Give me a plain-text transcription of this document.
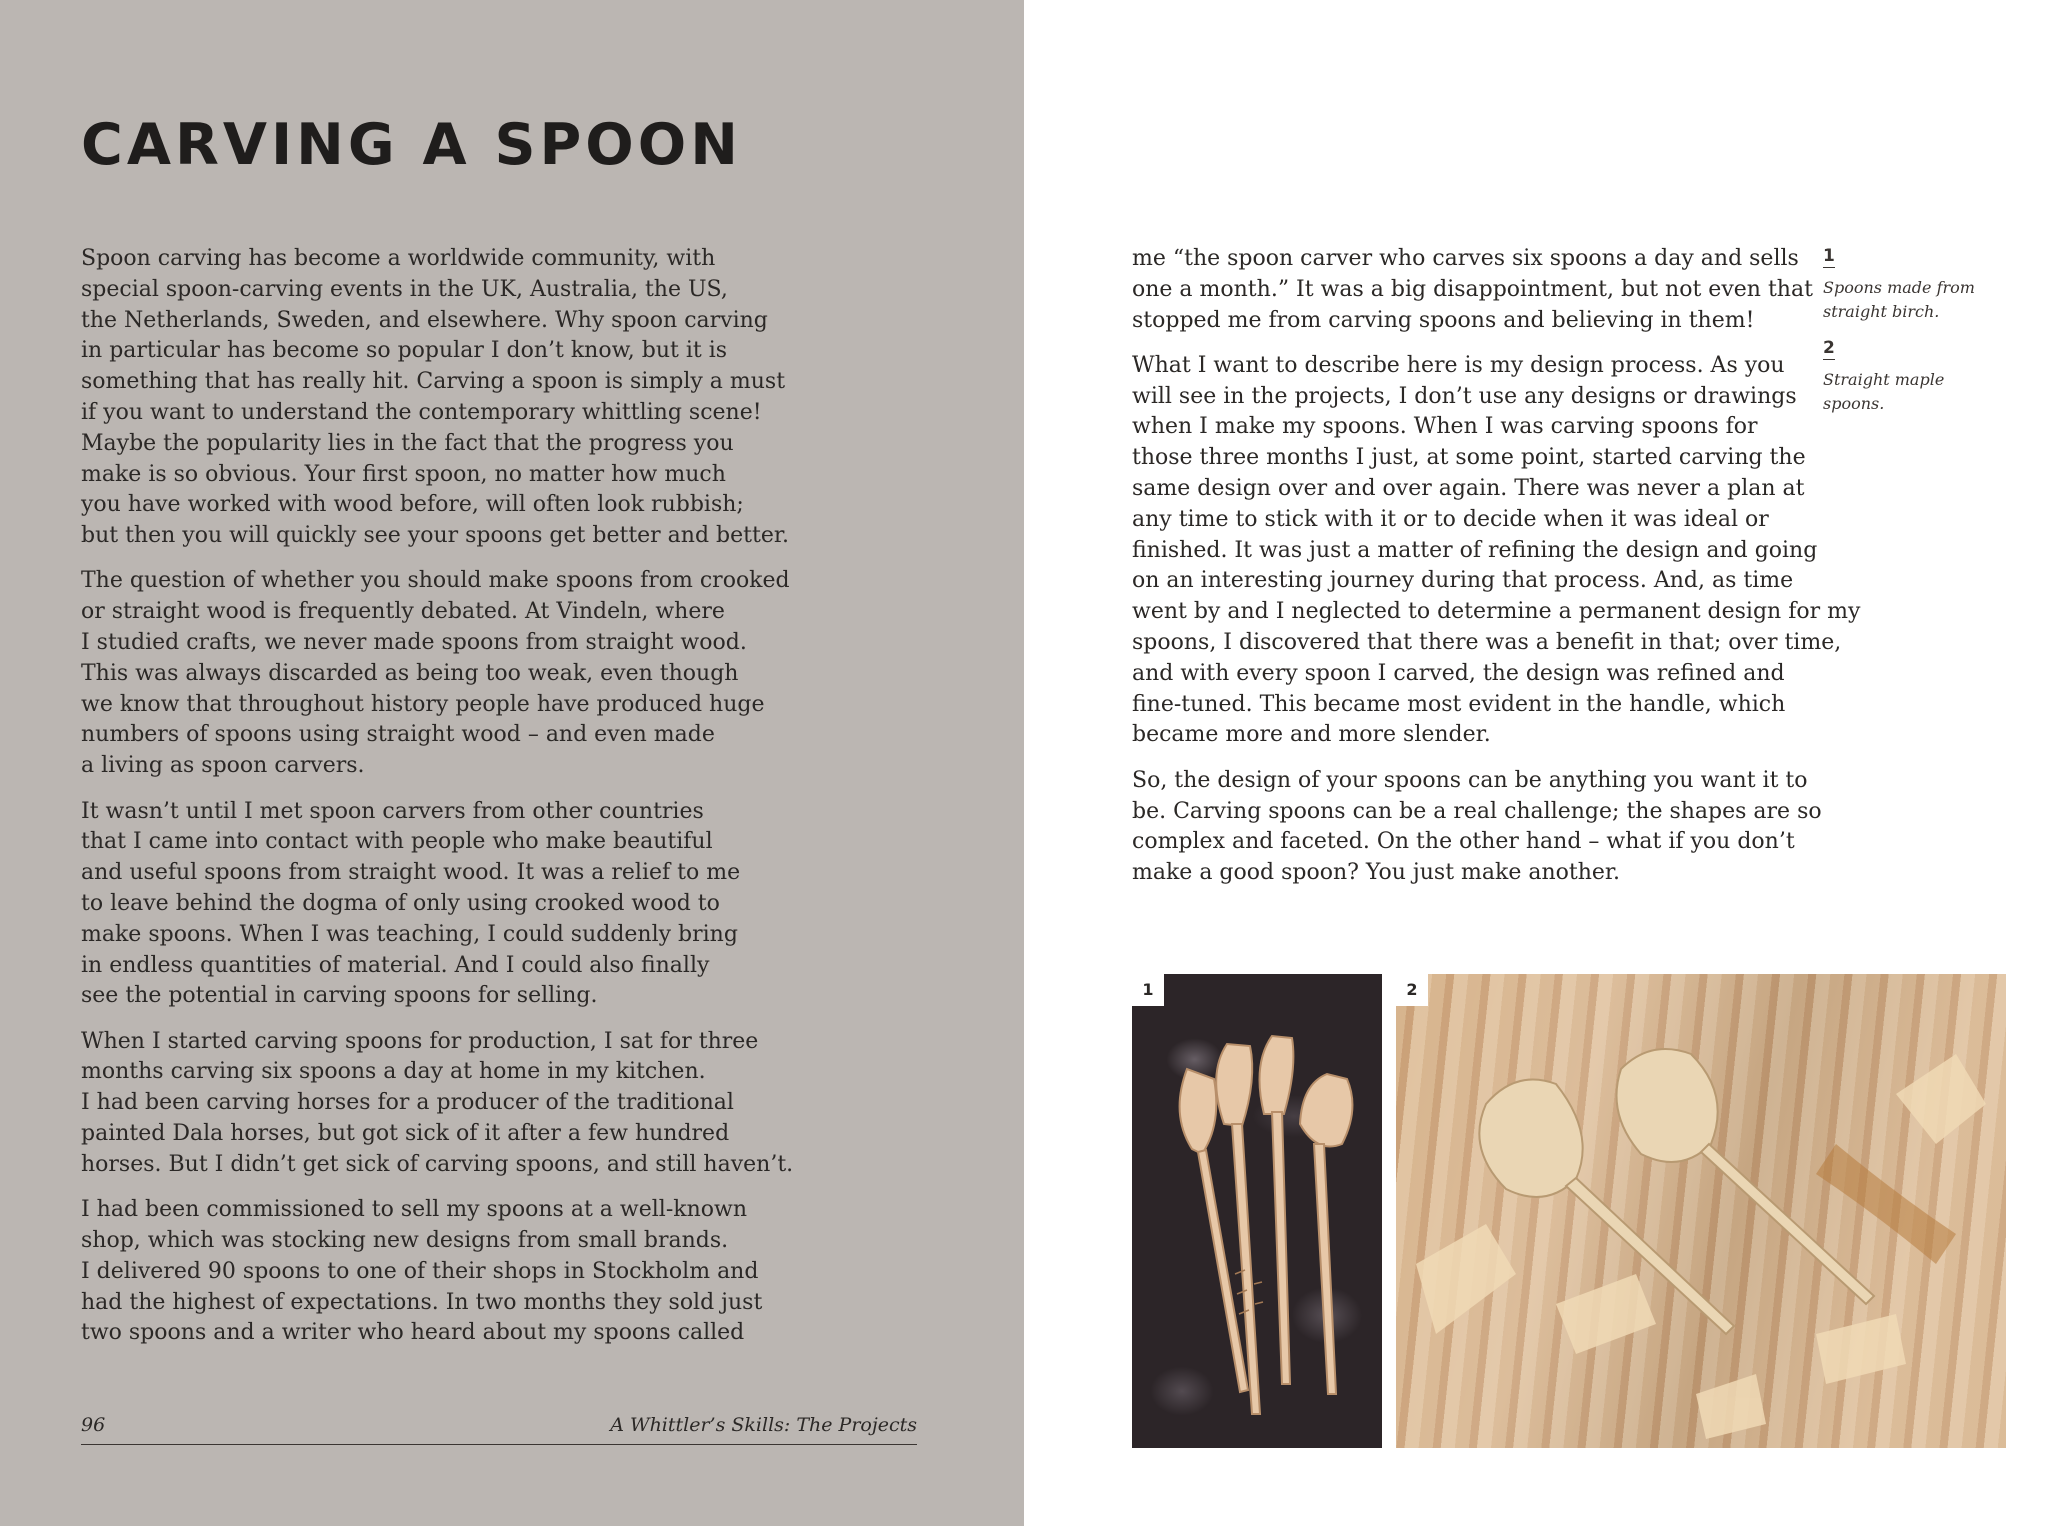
CARVING A SPOON

Spoon carving has become a worldwide community, with
special spoon-carving events in the UK, Australia, the US,
the Netherlands, Sweden, and elsewhere. Why spoon carving
in particular has become so popular I don’t know, but it is
something that has really hit. Carving a spoon is simply a must
if you want to understand the contemporary whittling scene!
Maybe the popularity lies in the fact that the progress you
make is so obvious. Your first spoon, no matter how much
you have worked with wood before, will often look rubbish;
but then you will quickly see your spoons get better and better.

The question of whether you should make spoons from crooked
or straight wood is frequently debated. At Vindeln, where
I studied crafts, we never made spoons from straight wood.
This was always discarded as being too weak, even though
we know that throughout history people have produced huge
numbers of spoons using straight wood – and even made
a living as spoon carvers.

It wasn’t until I met spoon carvers from other countries
that I came into contact with people who make beautiful
and useful spoons from straight wood. It was a relief to me
to leave behind the dogma of only using crooked wood to
make spoons. When I was teaching, I could suddenly bring
in endless quantities of material. And I could also finally
see the potential in carving spoons for selling.

When I started carving spoons for production, I sat for three
months carving six spoons a day at home in my kitchen.
I had been carving horses for a producer of the traditional
painted Dala horses, but got sick of it after a few hundred
horses. But I didn’t get sick of carving spoons, and still haven’t.

I had been commissioned to sell my spoons at a well-known
shop, which was stocking new designs from small brands.
I delivered 90 spoons to one of their shops in Stockholm and
had the highest of expectations. In two months they sold just
two spoons and a writer who heard about my spoons called

me “the spoon carver who carves six spoons a day and sells
one a month.” It was a big disappointment, but not even that
stopped me from carving spoons and believing in them!

What I want to describe here is my design process. As you
will see in the projects, I don’t use any designs or drawings
when I make my spoons. When I was carving spoons for
those three months I just, at some point, started carving the
same design over and over again. There was never a plan at
any time to stick with it or to decide when it was ideal or
finished. It was just a matter of refining the design and going
on an interesting journey during that process. And, as time
went by and I neglected to determine a permanent design for my
spoons, I discovered that there was a benefit in that; over time,
and with every spoon I carved, the design was refined and
fine-tuned. This became most evident in the handle, which
became more and more slender.

So, the design of your spoons can be anything you want it to
be. Carving spoons can be a real challenge; the shapes are so
complex and faceted. On the other hand – what if you don’t
make a good spoon? You just make another.

1
Spoons made from
straight birch.
2
Straight maple
spoons.
96	A Whittler’s Skills: The Projects
1	2
